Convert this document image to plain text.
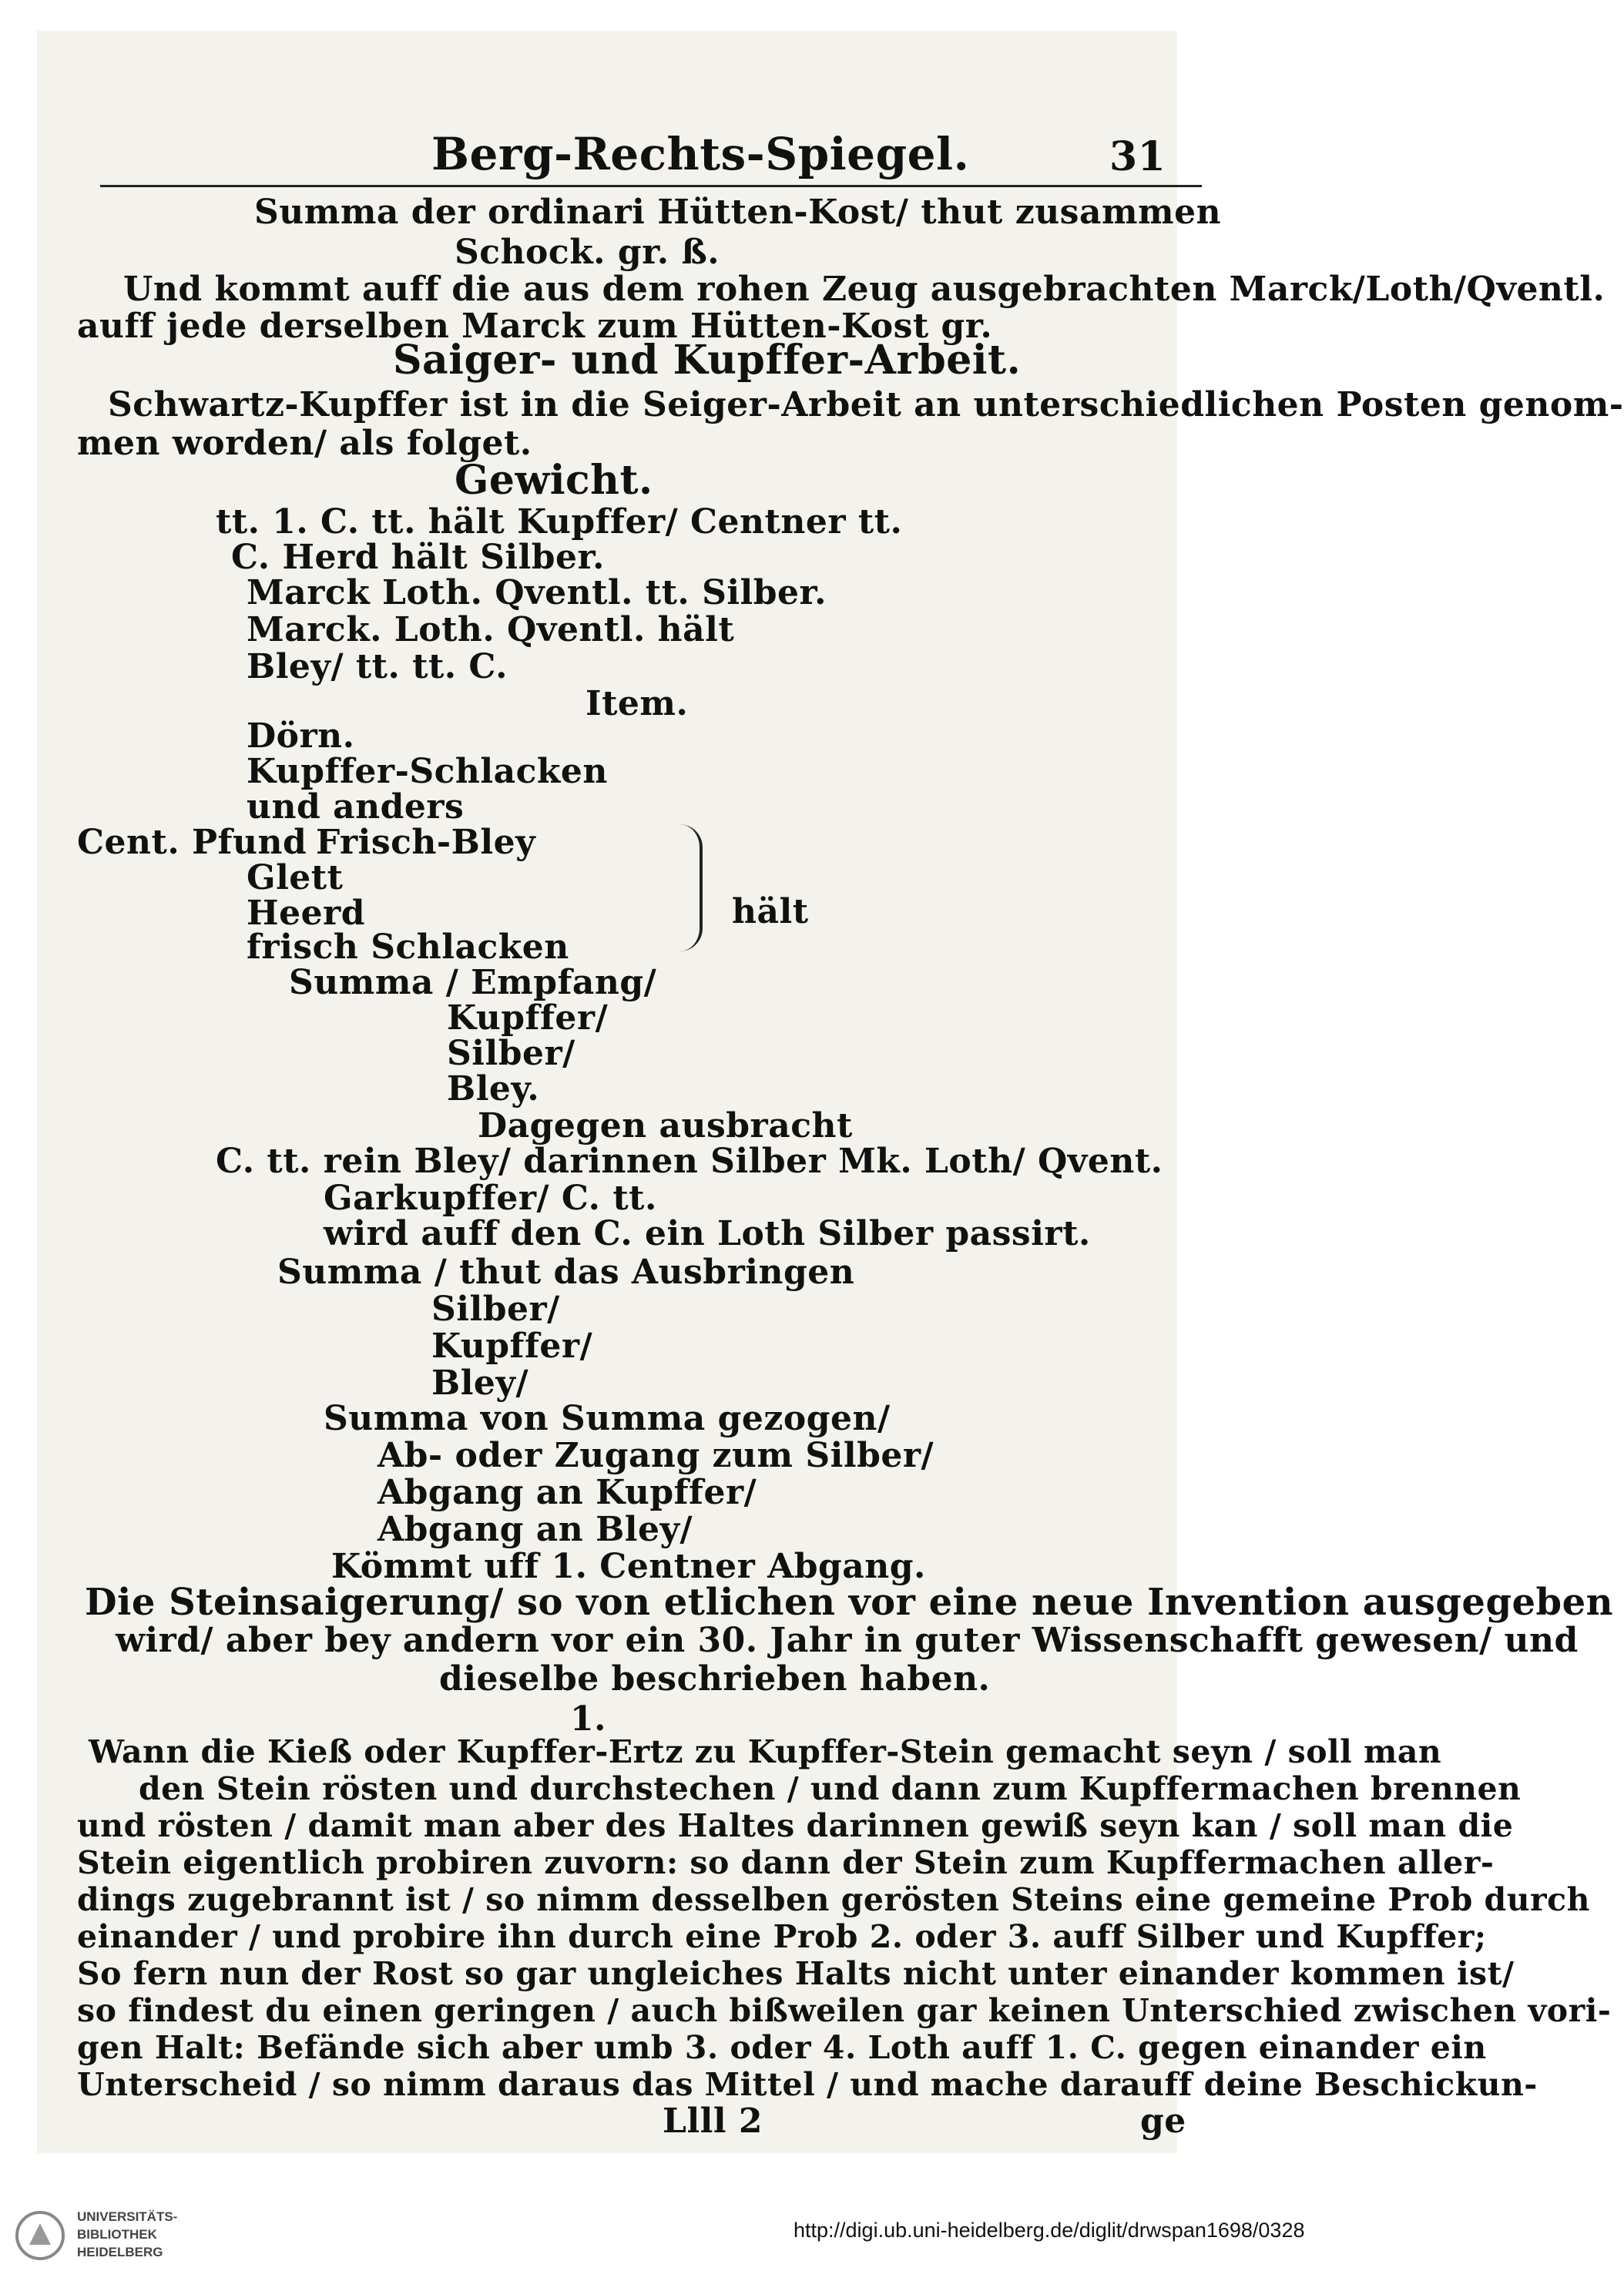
Berg-Rechts-Spiegel.	31
Summa der ordinari Hütten-Kost/ thut zusammen
Schock. gr. ß.
Und kommt auff die aus dem rohen Zeug ausgebrachten Marck/Loth/Qventl.
auff jede derselben Marck zum Hütten-Kost gr.
Saiger- und Kupffer-Arbeit.
Schwartz-Kupffer ist in die Seiger-Arbeit an unterschiedlichen Posten genom-
men worden/ als folget.
Gewicht.
tt. 1. C. tt. hält Kupffer/ Centner tt.
C. Herd hält Silber.
Marck Loth. Qventl. tt. Silber.
Marck. Loth. Qventl. hält
Bley/ tt. tt. C.
Item.
Dörn.
Kupffer-Schlacken
und anders
Cent. Pfund Frisch-Bley
Glett
Heerd
frisch Schlacken
hält
Summa / Empfang/
Kupffer/
Silber/
Bley.
Dagegen ausbracht
C. tt. rein Bley/ darinnen Silber Mk. Loth/ Qvent.
Garkupffer/ C. tt.
wird auff den C. ein Loth Silber passirt.
Summa / thut das Ausbringen
Silber/
Kupffer/
Bley/
Summa von Summa gezogen/
Ab- oder Zugang zum Silber/
Abgang an Kupffer/
Abgang an Bley/
Kömmt uff 1. Centner Abgang.
Die Steinsaigerung/ so von etlichen vor eine neue Invention ausgegeben
wird/ aber bey andern vor ein 30. Jahr in guter Wissenschafft gewesen/ und
dieselbe beschrieben haben.
1.
Wann die Kieß oder Kupffer-Ertz zu Kupffer-Stein gemacht seyn / soll man
den Stein rösten und durchstechen / und dann zum Kupffermachen brennen
und rösten / damit man aber des Haltes darinnen gewiß seyn kan / soll man die
Stein eigentlich probiren zuvorn: so dann der Stein zum Kupffermachen aller-
dings zugebrannt ist / so nimm desselben gerösten Steins eine gemeine Prob durch
einander / und probire ihn durch eine Prob 2. oder 3. auff Silber und Kupffer;
So fern nun der Rost so gar ungleiches Halts nicht unter einander kommen ist/
so findest du einen geringen / auch bißweilen gar keinen Unterschied zwischen vori-
gen Halt: Befände sich aber umb 3. oder 4. Loth auff 1. C. gegen einander ein
Unterscheid / so nimm daraus das Mittel / und mache darauff deine Beschickun-
Llll 2	ge
UNIVERSITÄTS-
BIBLIOTHEK
HEIDELBERG
http://digi.ub.uni-heidelberg.de/diglit/drwspan1698/0328
